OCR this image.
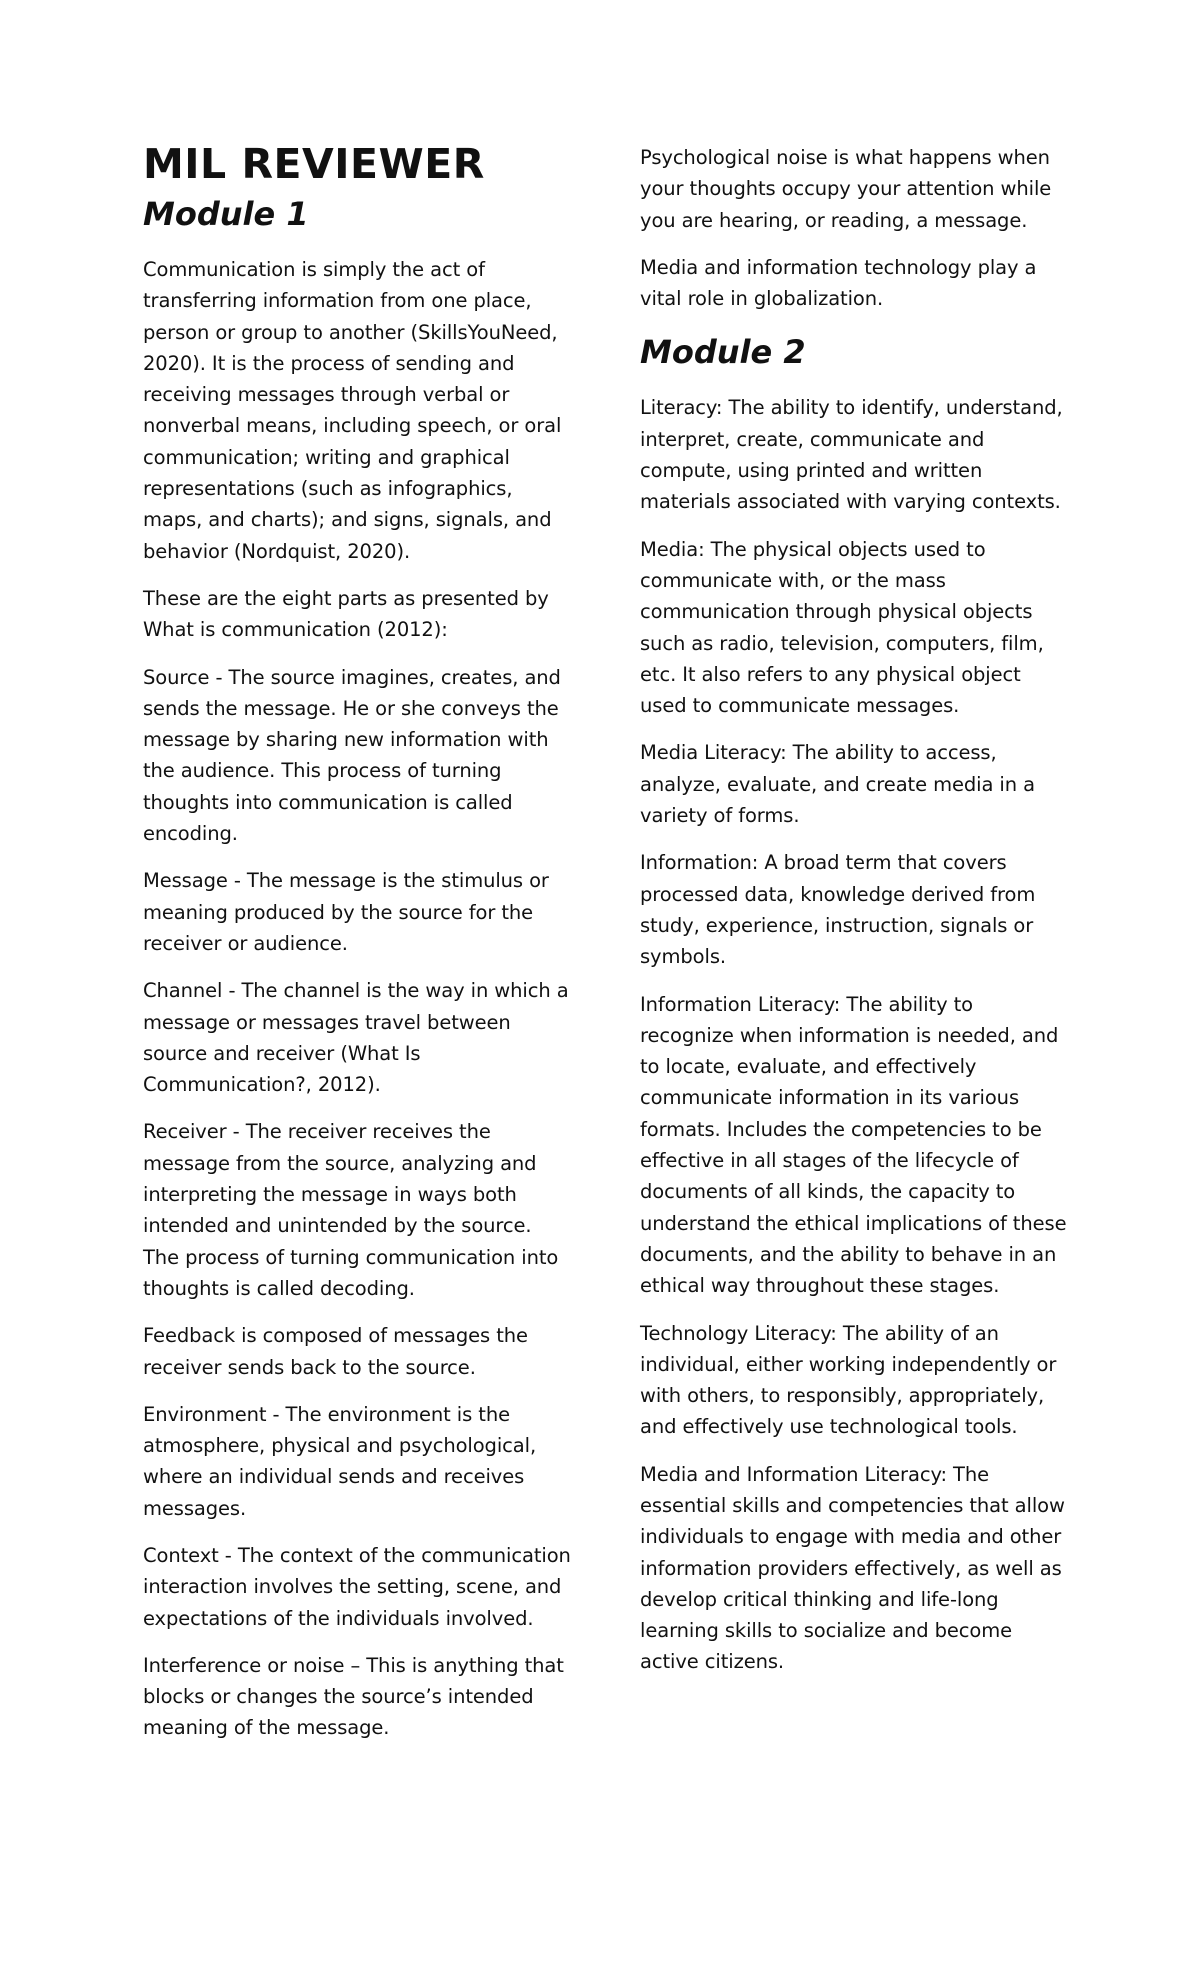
MIL REVIEWER
Module 1

Communication is simply the act of transferring information from one place, person or group to another (SkillsYouNeed, 2020). It is the process of sending and receiving messages through verbal or nonverbal means, including speech, or oral communication; writing and graphical representations (such as infographics, maps, and charts); and signs, signals, and behavior (Nordquist, 2020).

These are the eight parts as presented by What is communication (2012):

Source - The source imagines, creates, and sends the message. He or she conveys the message by sharing new information with the audience. This process of turning thoughts into communication is called encoding.

Message - The message is the stimulus or meaning produced by the source for the receiver or audience.

Channel - The channel is the way in which a message or messages travel between source and receiver (What Is Communication?, 2012).

Receiver - The receiver receives the message from the source, analyzing and interpreting the message in ways both intended and unintended by the source. The process of turning communication into thoughts is called decoding.

Feedback is composed of messages the receiver sends back to the source.

Environment - The environment is the atmosphere, physical and psychological, where an individual sends and receives messages.

Context - The context of the communication interaction involves the setting, scene, and expectations of the individuals involved.

Interference or noise – This is anything that blocks or changes the source’s intended meaning of the message.

Psychological noise is what happens when your thoughts occupy your attention while you are hearing, or reading, a message.

Media and information technology play a vital role in globalization.

Module 2

Literacy: The ability to identify, understand, interpret, create, communicate and compute, using printed and written materials associated with varying contexts.

Media: The physical objects used to communicate with, or the mass communication through physical objects such as radio, television, computers, film, etc. It also refers to any physical object used to communicate messages.

Media Literacy: The ability to access, analyze, evaluate, and create media in a variety of forms.

Information: A broad term that covers processed data, knowledge derived from study, experience, instruction, signals or symbols.

Information Literacy: The ability to recognize when information is needed, and to locate, evaluate, and effectively communicate information in its various formats. Includes the competencies to be effective in all stages of the lifecycle of documents of all kinds, the capacity to understand the ethical implications of these documents, and the ability to behave in an ethical way throughout these stages.

Technology Literacy: The ability of an individual, either working independently or with others, to responsibly, appropriately, and effectively use technological tools.

Media and Information Literacy: The essential skills and competencies that allow individuals to engage with media and other information providers effectively, as well as develop critical thinking and life-long learning skills to socialize and become active citizens.
